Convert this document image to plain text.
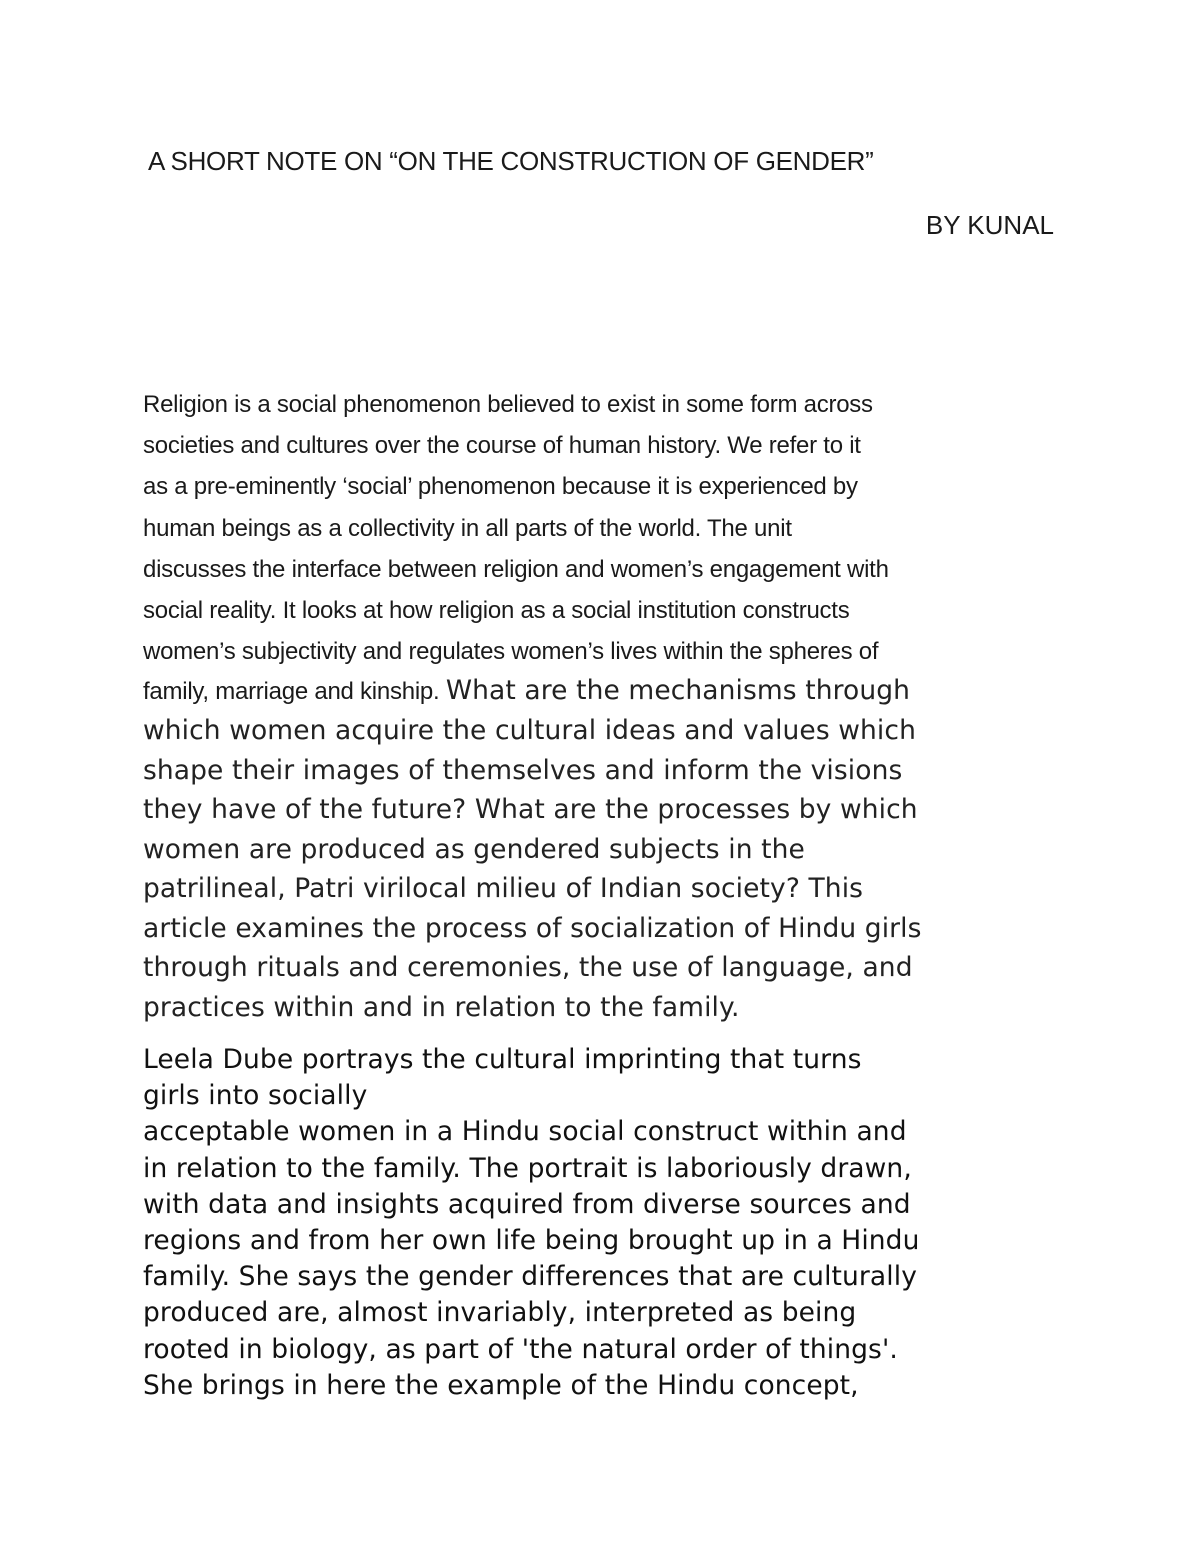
A SHORT NOTE ON “ON THE CONSTRUCTION OF GENDER”
BY KUNAL
Religion is a social phenomenon believed to exist in some form across
societies and cultures over the course of human history. We refer to it
as a pre-eminently ‘social’ phenomenon because it is experienced by
human beings as a collectivity in all parts of the world. The unit
discusses the interface between religion and women’s engagement with
social reality. It looks at how religion as a social institution constructs
women’s subjectivity and regulates women’s lives within the spheres of
family, marriage and kinship. What are the mechanisms through
which women acquire the cultural ideas and values which
shape their images of themselves and inform the visions
they have of the future? What are the processes by which
women are produced as gendered subjects in the
patrilineal, Patri virilocal milieu of Indian society? This
article examines the process of socialization of Hindu girls
through rituals and ceremonies, the use of language, and
practices within and in relation to the family.
Leela Dube portrays the cultural imprinting that turns
girls into socially
acceptable women in a Hindu social construct within and
in relation to the family. The portrait is laboriously drawn,
with data and insights acquired from diverse sources and
regions and from her own life being brought up in a Hindu
family. She says the gender differences that are culturally
produced are, almost invariably, interpreted as being
rooted in biology, as part of 'the natural order of things'.
She brings in here the example of the Hindu concept,
